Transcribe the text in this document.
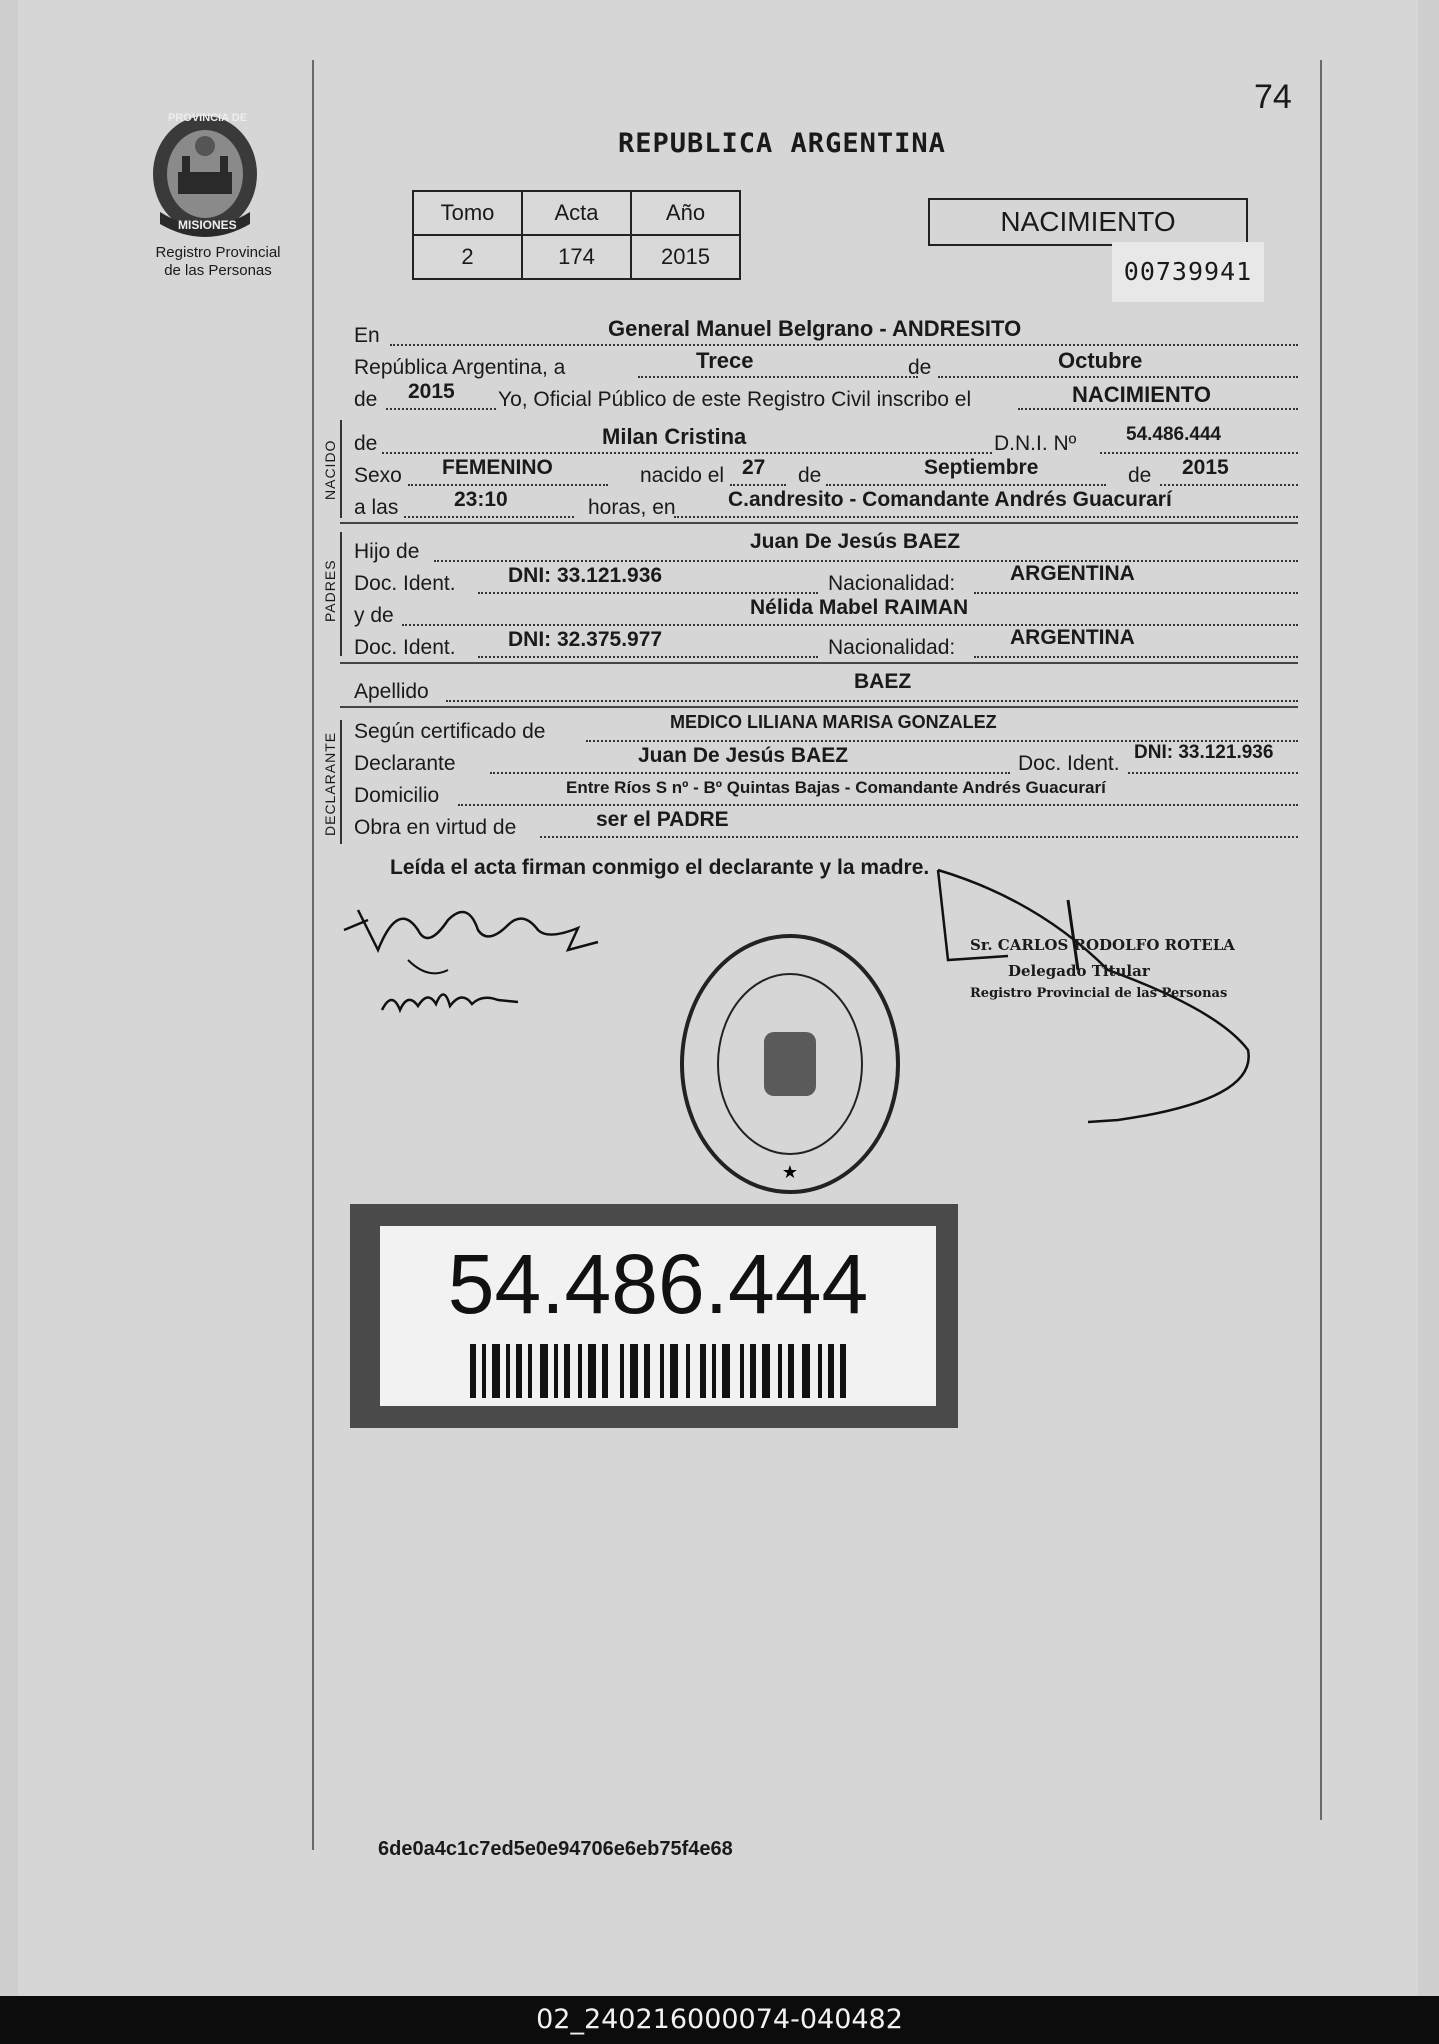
PROVINCIA DE
MISIONES
Registro Provincial
de las Personas
74
REPUBLICA ARGENTINA
Tomo	Acta	Año
2	174	2015
NACIMIENTO
00739941
En	General Manuel Belgrano - ANDRESITO
República Argentina, a	Trece	de	Octubre
de 2015 Yo, Oficial Público de este Registro Civil inscribo el	NACIMIENTO
NACIDO de	Milan Cristina	D.N.I. Nº	54.486.444
Sexo FEMENINO	nacido el 27 de	Septiembre	de 2015
a las	23:10	horas, en C.andresito - Comandante Andrés Guacurarí
PADRES
Hijo de	Juan De Jesús BAEZ
Doc. Ident. DNI: 33.121.936	Nacionalidad:	ARGENTINA
y de	Nélida Mabel RAIMAN
Doc. Ident. DNI: 32.375.977	Nacionalidad:	ARGENTINA
Apellido	BAEZ
DECLARANTE
Según certificado de	MEDICO LILIANA MARISA GONZALEZ
Declarante	Juan De Jesús BAEZ	Doc. Ident. DNI: 33.121.936
Domicilio	Entre Ríos S nº - Bº Quintas Bajas - Comandante Andrés Guacurarí
Obra en virtud de	ser el PADRE
Leída el acta firman conmigo el declarante y la madre.
Sr. CARLOS RODOLFO ROTELA
Delegado Titular
Registro Provincial de las Personas
★
54.486.444
6de0a4c1c7ed5e0e94706e6eb75f4e68
02_240216000074-040482
